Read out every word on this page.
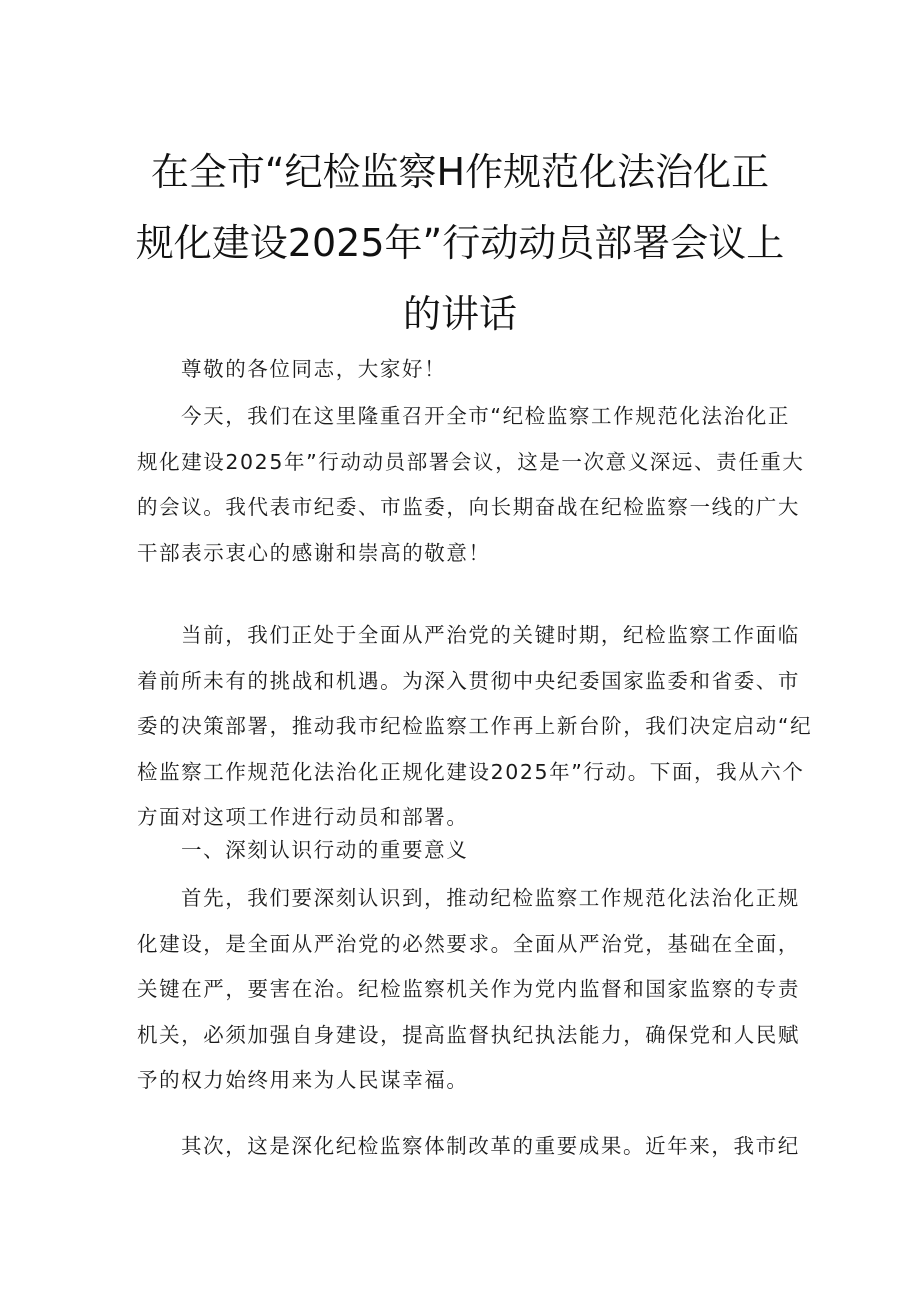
在全市“纪检监察H作规范化法治化正
规化建设2025年”行动动员部署会议上
的讲话

尊敬的各位同志，大家好！

今天，我们在这里隆重召开全市“纪检监察工作规范化法治化正
规化建设2025年”行动动员部署会议，这是一次意义深远、责任重大
的会议。我代表市纪委、市监委，向长期奋战在纪检监察一线的广大
干部表示衷心的感谢和崇高的敬意！

当前，我们正处于全面从严治党的关键时期，纪检监察工作面临
着前所未有的挑战和机遇。为深入贯彻中央纪委国家监委和省委、市
委的决策部署，推动我市纪检监察工作再上新台阶，我们决定启动“纪
检监察工作规范化法治化正规化建设2025年”行动。下面，我从六个
方面对这项工作进行动员和部署。

一、深刻认识行动的重要意义

首先，我们要深刻认识到，推动纪检监察工作规范化法治化正规
化建设，是全面从严治党的必然要求。全面从严治党，基础在全面，
关键在严，要害在治。纪检监察机关作为党内监督和国家监察的专责
机关，必须加强自身建设，提高监督执纪执法能力，确保党和人民赋
予的权力始终用来为人民谋幸福。

其次，这是深化纪检监察体制改革的重要成果。近年来，我市纪
